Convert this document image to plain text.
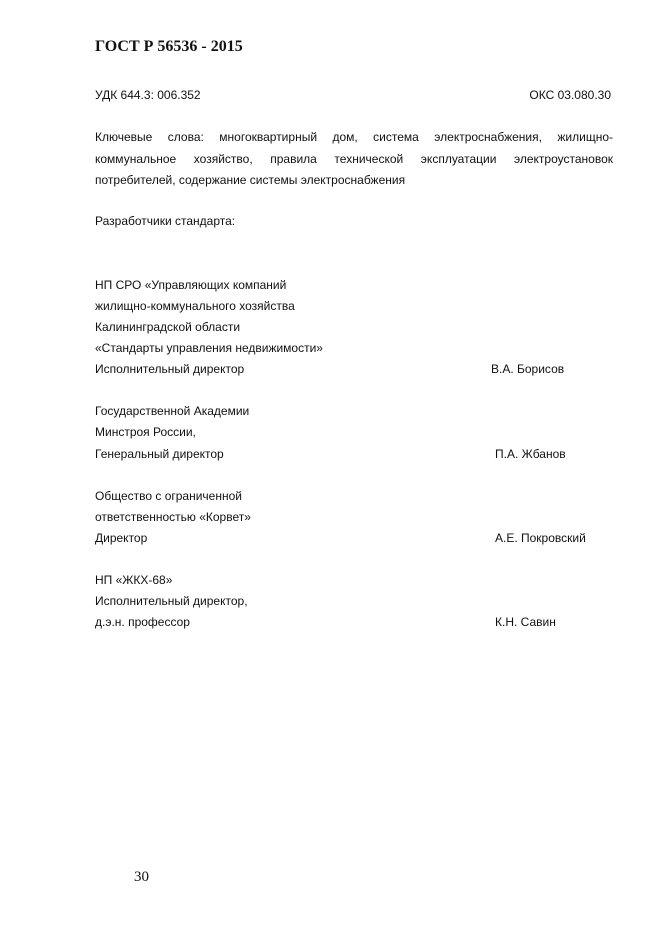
ГОСТ Р 56536 - 2015
УДК 644.3: 006.352	ОКС 03.080.30
Ключевые слова: многоквартирный дом, система электроснабжения, жилищно-
коммунальное хозяйство, правила технической эксплуатации электроустановок
потребителей, содержание системы электроснабжения
Разработчики стандарта:
НП СРО «Управляющих компаний
жилищно-коммунального хозяйства
Калининградской области
«Стандарты управления недвижимости»
Исполнительный директор	В.А. Борисов
Государственной Академии
Минстроя России,
Генеральный директор	П.А. Жбанов
Общество с ограниченной
ответственностью «Корвет»
Директор	А.Е. Покровский
НП «ЖКХ-68»
Исполнительный директор,
д.э.н. профессор	К.Н. Савин
30
